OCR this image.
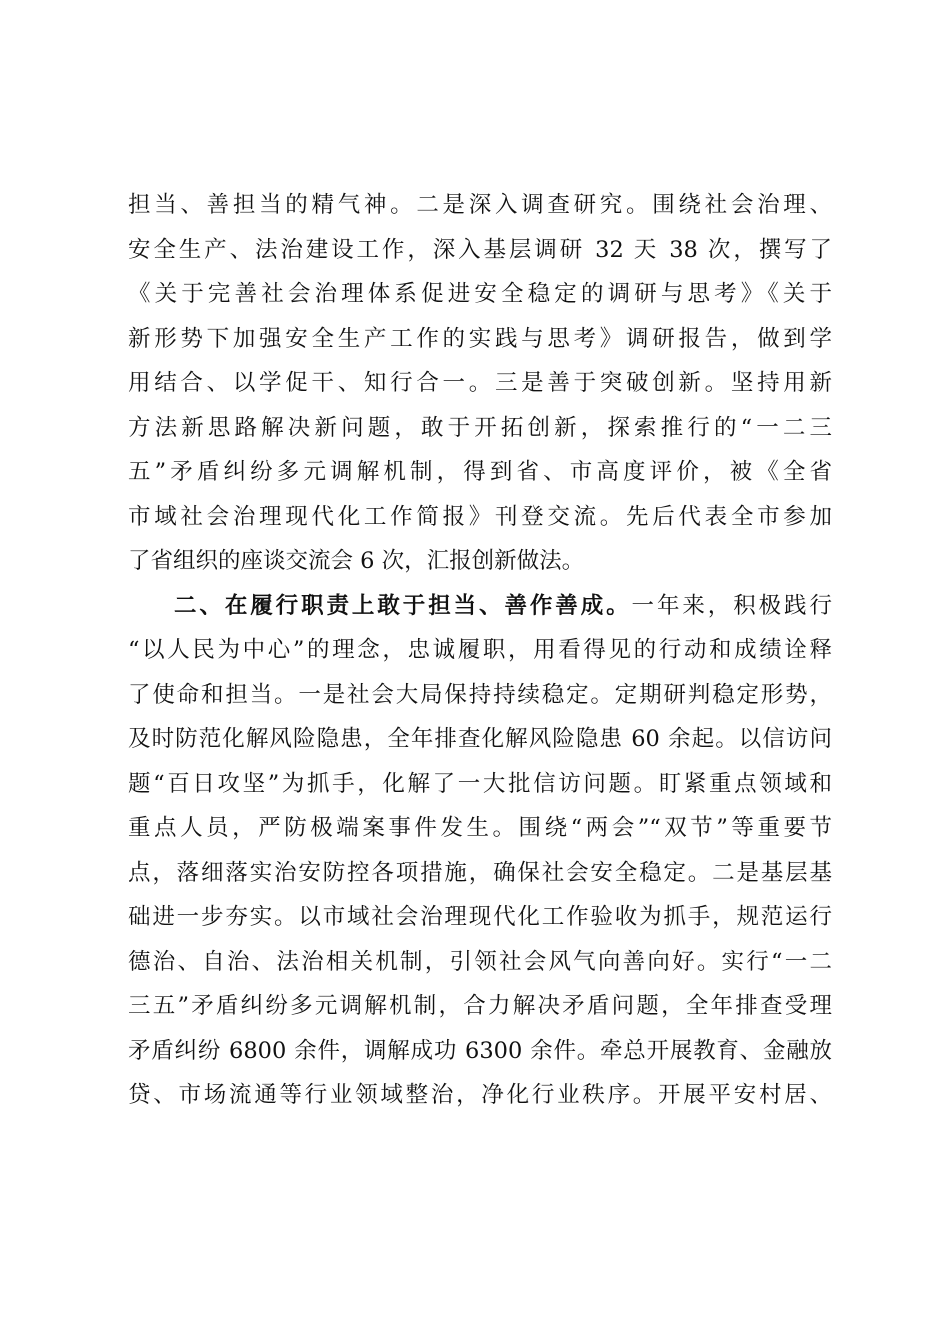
担当、善担当的精气神。二是深入调查研究。围绕社会治理、
安全生产、法治建设工作，深入基层调研 32 天 38 次，撰写了
《关于完善社会治理体系促进安全稳定的调研与思考》《关于
新形势下加强安全生产工作的实践与思考》调研报告，做到学
用结合、以学促干、知行合一。三是善于突破创新。坚持用新
方法新思路解决新问题，敢于开拓创新，探索推行的“一二三
五”矛盾纠纷多元调解机制，得到省、市高度评价，被《全省
市域社会治理现代化工作简报》刊登交流。先后代表全市参加
了省组织的座谈交流会 6 次，汇报创新做法。
二、在履行职责上敢于担当、善作善成。一年来，积极践行
“以人民为中心”的理念，忠诚履职，用看得见的行动和成绩诠释
了使命和担当。一是社会大局保持持续稳定。定期研判稳定形势，
及时防范化解风险隐患，全年排查化解风险隐患 60 余起。以信访问
题“百日攻坚”为抓手，化解了一大批信访问题。盯紧重点领域和
重点人员，严防极端案事件发生。围绕“两会”“双节”等重要节
点，落细落实治安防控各项措施，确保社会安全稳定。二是基层基
础进一步夯实。以市域社会治理现代化工作验收为抓手，规范运行
德治、自治、法治相关机制，引领社会风气向善向好。实行“一二
三五”矛盾纠纷多元调解机制，合力解决矛盾问题，全年排查受理
矛盾纠纷 6800 余件，调解成功 6300 余件。牵总开展教育、金融放
贷、市场流通等行业领域整治，净化行业秩序。开展平安村居、
